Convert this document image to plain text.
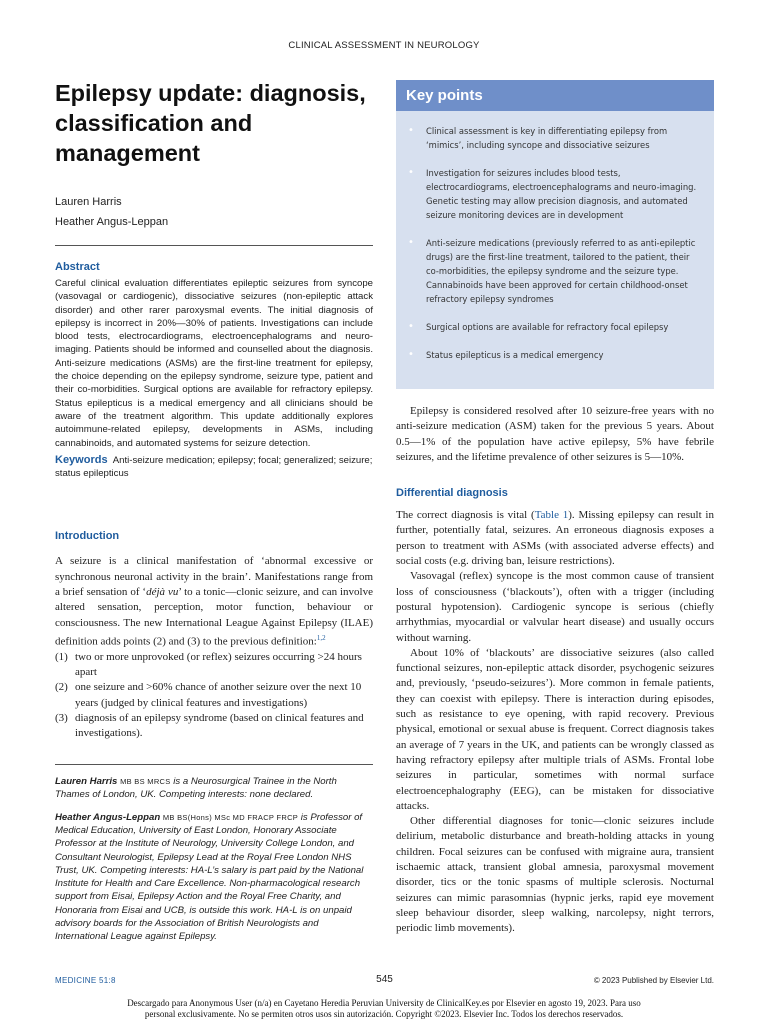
CLINICAL ASSESSMENT IN NEUROLOGY
Epilepsy update: diagnosis, classification and management
Lauren Harris
Heather Angus-Leppan
Abstract
Careful clinical evaluation differentiates epileptic seizures from syncope (vasovagal or cardiogenic), dissociative seizures (non-epileptic attack disorder) and other rarer paroxysmal events. The initial diagnosis of epilepsy is incorrect in 20%—30% of patients. Investigations can include blood tests, electrocardiograms, electroencephalograms and neuro-imaging. Patients should be informed and counselled about the diagnosis. Anti-seizure medications (ASMs) are the first-line treatment for epilepsy, the choice depending on the epilepsy syndrome, seizure type, patient and their co-morbidities. Surgical options are available for refractory epilepsy. Status epilepticus is a medical emergency and all clinicians should be aware of the treatment algorithm. This update additionally explores autoimmune-related epilepsy, developments in ASMs, including cannabinoids, and automated systems for seizure detection.
Keywords Anti-seizure medication; epilepsy; focal; generalized; seizure; status epilepticus
Introduction
A seizure is a clinical manifestation of ‘abnormal excessive or synchronous neuronal activity in the brain’. Manifestations range from a brief sensation of ‘déjà vu’ to a tonic—clonic seizure, and can involve altered sensation, perception, motor function, behaviour or consciousness. The new International League Against Epilepsy (ILAE) definition adds points (2) and (3) to the previous definition:$^{1,2}$
(1) two or more unprovoked (or reflex) seizures occurring >24 hours apart
(2) one seizure and >60% chance of another seizure over the next 10 years (judged by clinical features and investigations)
(3) diagnosis of an epilepsy syndrome (based on clinical features and investigations).
Lauren Harris MB BS MRCS is a Neurosurgical Trainee in the North Thames of London, UK. Competing interests: none declared.
Heather Angus-Leppan MB BS(Hons) MSc MD FRACP FRCP is Professor of Medical Education, University of East London, Honorary Associate Professor at the Institute of Neurology, University College London, and Consultant Neurologist, Epilepsy Lead at the Royal Free London NHS Trust, UK. Competing interests: HA-L’s salary is part paid by the National Institute for Health and Care Excellence. Non-pharmacological research support from Eisai, Epilepsy Action and the Royal Free Charity, and Honoraria from Eisai and UCB, is outside this work. HA-L is on unpaid advisory boards for the Association of British Neurologists and International League against Epilepsy.
Key points
• Clinical assessment is key in differentiating epilepsy from ‘mimics’, including syncope and dissociative seizures
• Investigation for seizures includes blood tests, electrocardiograms, electroencephalograms and neuro-imaging. Genetic testing may allow precision diagnosis, and automated seizure monitoring devices are in development
• Anti-seizure medications (previously referred to as anti-epileptic drugs) are the first-line treatment, tailored to the patient, their co-morbidities, the epilepsy syndrome and the seizure type. Cannabinoids have been approved for certain childhood-onset refractory epilepsy syndromes
• Surgical options are available for refractory focal epilepsy
• Status epilepticus is a medical emergency

Epilepsy is considered resolved after 10 seizure-free years with no anti-seizure medication (ASM) taken for the previous 5 years. About 0.5—1% of the population have active epilepsy, 5% have febrile seizures, and the lifetime prevalence of other seizures is 5—10%.

Differential diagnosis

The correct diagnosis is vital (Table 1). Missing epilepsy can result in further, potentially fatal, seizures. An erroneous diagnosis exposes a person to treatment with ASMs (with associated adverse effects) and social costs (e.g. driving ban, leisure restrictions).

Vasovagal (reflex) syncope is the most common cause of transient loss of consciousness (‘blackouts’), often with a trigger (including postural hypotension). Cardiogenic syncope is serious (chiefly arrhythmias, myocardial or valvular heart disease) and usually occurs without warning.

About 10% of ‘blackouts’ are dissociative seizures (also called functional seizures, non-epileptic attack disorder, psychogenic seizures and, previously, ‘pseudo-seizures’). More common in female patients, they can coexist with epilepsy. There is interaction during episodes, such as resistance to eye opening, with rapid recovery. Previous physical, emotional or sexual abuse is frequent. Correct diagnosis takes an average of 7 years in the UK, and patients can be wrongly classed as having refractory epilepsy after multiple trials of ASMs. Frontal lobe seizures in particular, sometimes with normal surface electroencephalography (EEG), can be mistaken for dissociative attacks.

Other differential diagnoses for tonic—clonic seizures include delirium, metabolic disturbance and breath-holding attacks in young children. Focal seizures can be confused with migraine aura, transient ischaemic attack, transient global amnesia, paroxysmal movement disorder, tics or the tonic spasms of multiple sclerosis. Nocturnal seizures can mimic parasomnias (hypnic jerks, rapid eye movement sleep behaviour disorder, sleep walking, narcolepsy, night terrors, periodic limb movements).

MEDICINE 51:8	545	© 2023 Published by Elsevier Ltd.
Descargado para Anonymous User (n/a) en Cayetano Heredia Peruvian University de ClinicalKey.es por Elsevier en agosto 19, 2023. Para uso
personal exclusivamente. No se permiten otros usos sin autorización. Copyright ©2023. Elsevier Inc. Todos los derechos reservados.
